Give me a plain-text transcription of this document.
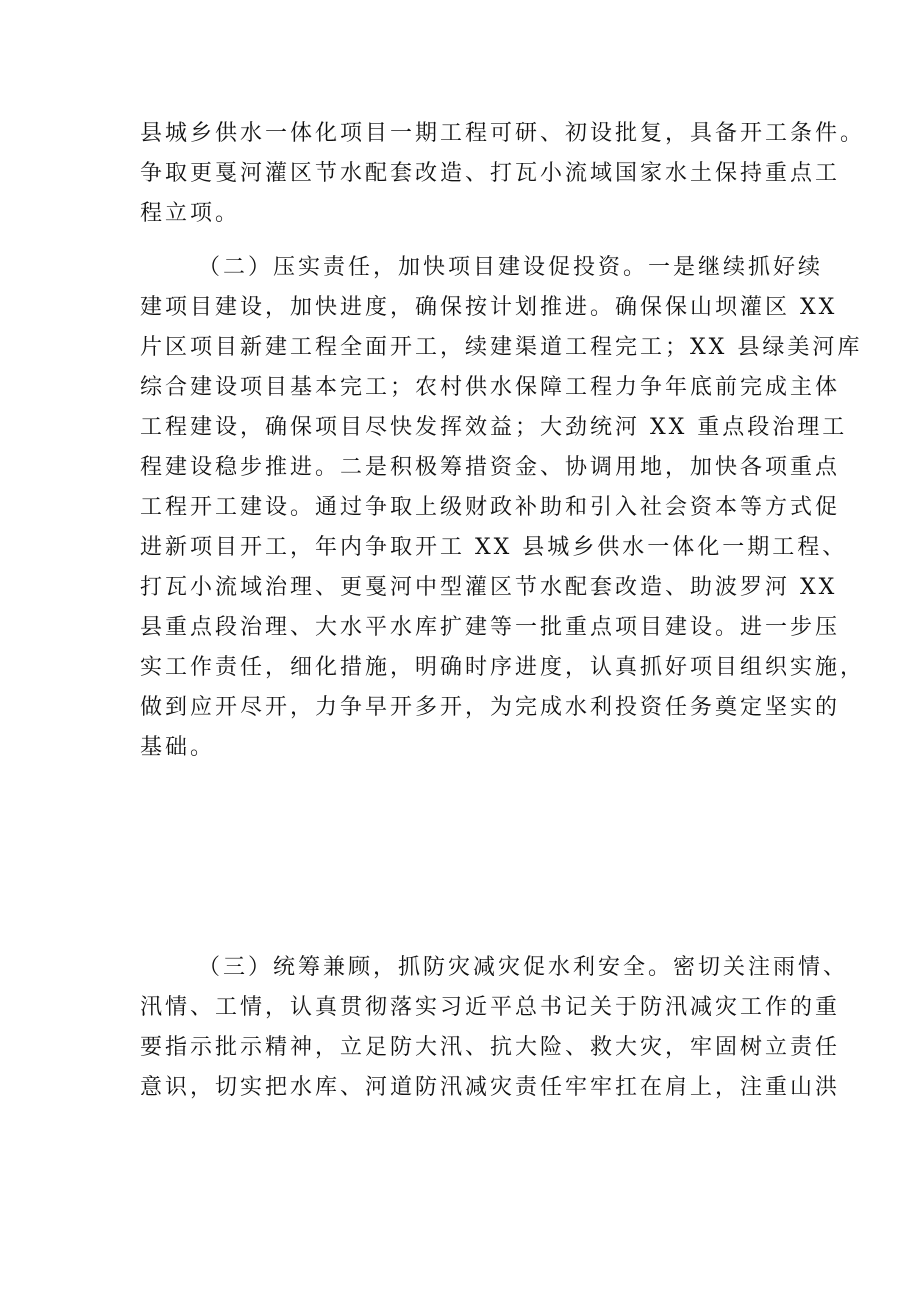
县城乡供水一体化项目一期工程可研、初设批复，具备开工条件。
争取更戛河灌区节水配套改造、打瓦小流域国家水土保持重点工
程立项。
（二）压实责任，加快项目建设促投资。一是继续抓好续
建项目建设，加快进度，确保按计划推进。确保保山坝灌区 XX
片区项目新建工程全面开工，续建渠道工程完工；XX 县绿美河库
综合建设项目基本完工；农村供水保障工程力争年底前完成主体
工程建设，确保项目尽快发挥效益；大劲统河 XX 重点段治理工
程建设稳步推进。二是积极筹措资金、协调用地，加快各项重点
工程开工建设。通过争取上级财政补助和引入社会资本等方式促
进新项目开工，年内争取开工 XX 县城乡供水一体化一期工程、
打瓦小流域治理、更戛河中型灌区节水配套改造、助波罗河 XX
县重点段治理、大水平水库扩建等一批重点项目建设。进一步压
实工作责任，细化措施，明确时序进度，认真抓好项目组织实施，
做到应开尽开，力争早开多开，为完成水利投资任务奠定坚实的
基础。
（三）统筹兼顾，抓防灾减灾促水利安全。密切关注雨情、
汛情、工情，认真贯彻落实习近平总书记关于防汛减灾工作的重
要指示批示精神，立足防大汛、抗大险、救大灾，牢固树立责任
意识，切实把水库、河道防汛减灾责任牢牢扛在肩上，注重山洪
